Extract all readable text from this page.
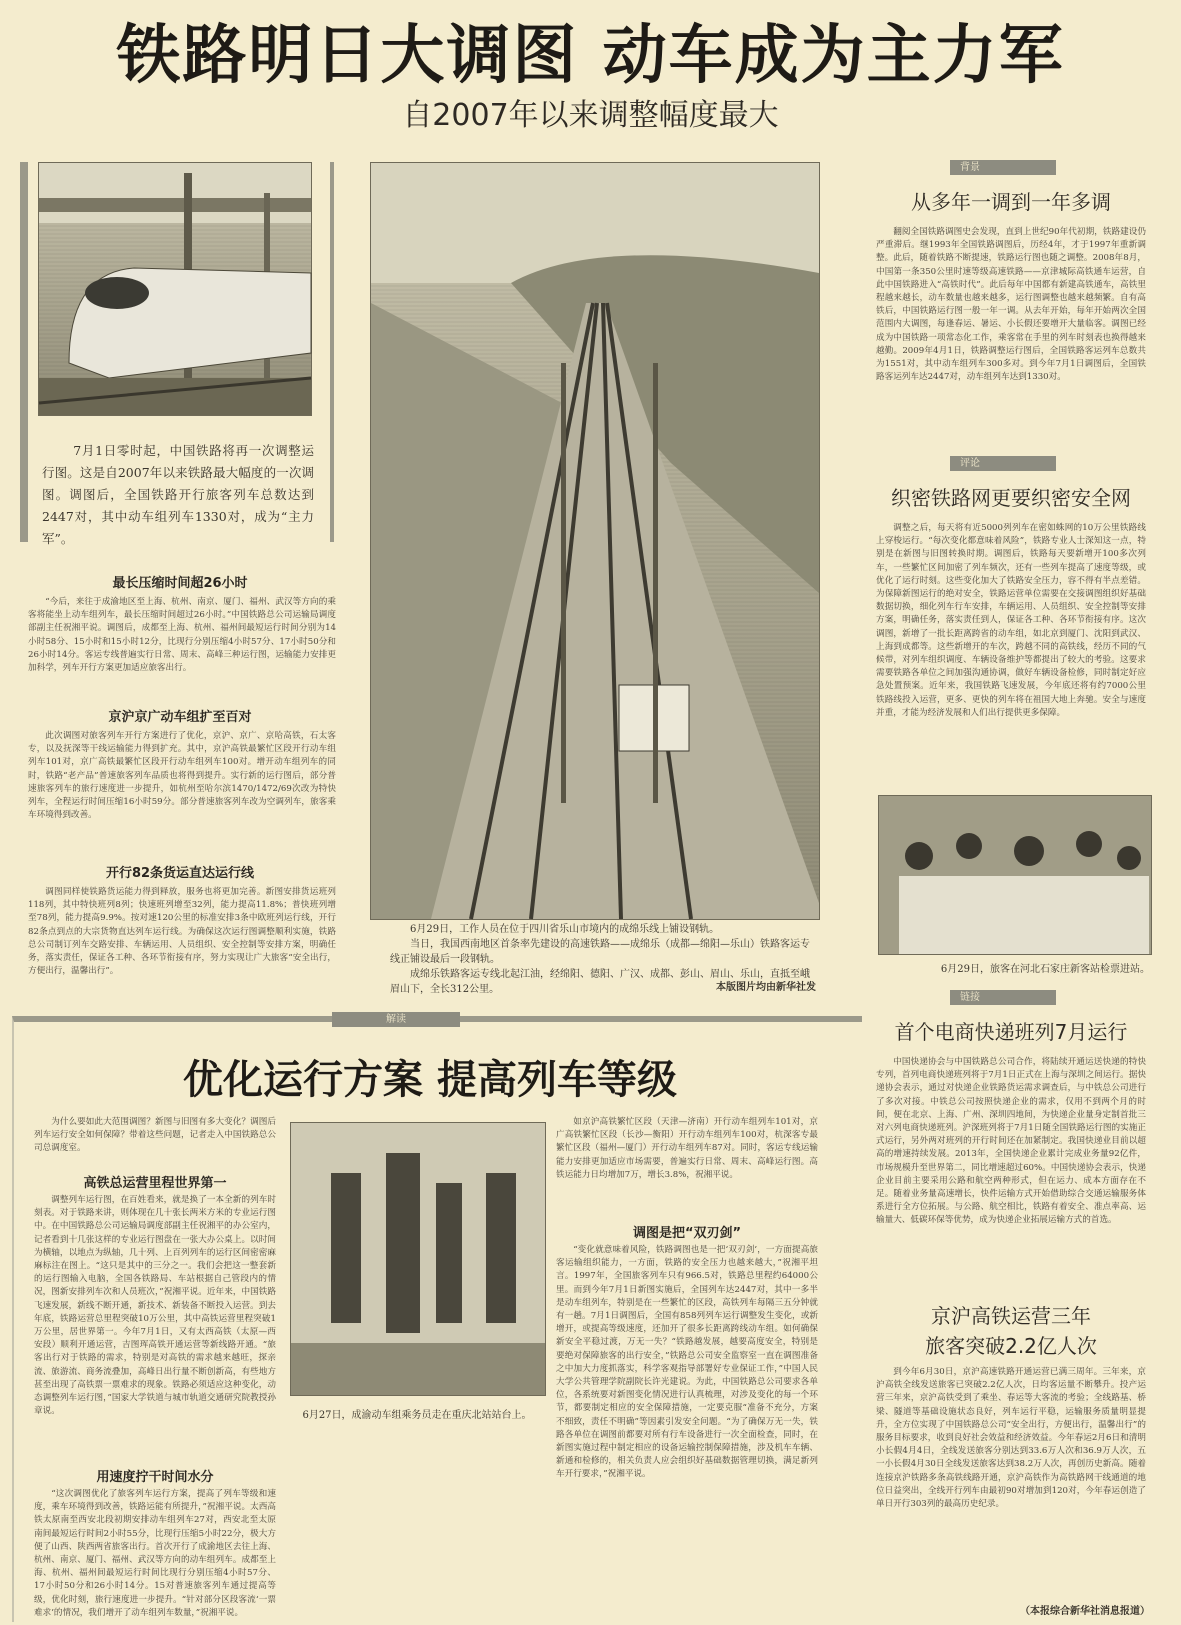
铁路明日大调图 动车成为主力军
自2007年以来调整幅度最大
7月1日零时起，中国铁路将再一次调整运行图。这是自2007年以来铁路最大幅度的一次调图。调图后，全国铁路开行旅客列车总数达到2447对，其中动车组列车1330对，成为“主力军”。
最长压缩时间超26小时
“今后，来往于成渝地区至上海、杭州、南京、厦门、福州、武汉等方向的乘客将能坐上动车组列车，最长压缩时间超过26小时。”中国铁路总公司运输局调度部副主任祝湘平说。调图后，成都至上海、杭州、福州间最短运行时间分别为14小时58分、15小时和15小时12分，比现行分别压缩4小时57分、17小时50分和26小时14分。客运专线普遍实行日常、周末、高峰三种运行图，运输能力安排更加科学，列车开行方案更加适应旅客出行。
京沪京广动车组扩至百对
此次调图对旅客列车开行方案进行了优化，京沪、京广、京哈高铁，石太客专，以及抚深等干线运输能力得到扩充。其中，京沪高铁最繁忙区段开行动车组列车101对，京广高铁最繁忙区段开行动车组列车100对。增开动车组列车的同时，铁路“老产品”普速旅客列车品质也将得到提升。实行新的运行图后，部分普速旅客列车的旅行速度进一步提升，如杭州至哈尔滨1470/1472/69次改为特快列车，全程运行时间压缩16小时59分。部分普速旅客列车改为空调列车，旅客乘车环境得到改善。
开行82条货运直达运行线
调图同样使铁路货运能力得到释放，服务也将更加完善。新图安排货运班列118列，其中特快班列8列；快速班列增至32列，能力提高11.8%；普快班列增至78列，能力提高9.9%。按对速120公里的标准安排3条中欧班列运行线，开行82条点到点的大宗货物直达列车运行线。为确保这次运行图调整顺利实施，铁路总公司制订列车交路安排、车辆运用、人员组织、安全控制等安排方案，明确任务，落实责任，保证各工种、各环节衔接有序，努力实现让广大旅客“安全出行，方便出行，温馨出行”。
6月29日，工作人员在位于四川省乐山市境内的成绵乐线上铺设钢轨。
当日，我国西南地区首条率先建设的高速铁路——成绵乐（成都—绵阳—乐山）铁路客运专线正铺设最后一段钢轨。
成绵乐铁路客运专线北起江油，经绵阳、德阳、广汉、成都、彭山、眉山、乐山，直抵至峨眉山下，全长312公里。	本版图片均由新华社发
背景
从多年一调到一年多调
翻阅全国铁路调图史会发现，直到上世纪90年代初期，铁路建设仍严重滞后。继1993年全国铁路调图后，历经4年，才于1997年重新调整。此后，随着铁路不断提速，铁路运行图也随之调整。2008年8月，中国第一条350公里时速等级高速铁路——京津城际高铁通车运营，自此中国铁路进入“高铁时代”。此后每年中国都有新建高铁通车，高铁里程越来越长，动车数量也越来越多，运行图调整也越来越频繁。自有高铁后，中国铁路运行图一般一年一调。从去年开始，每年开始两次全国范围内大调图，每逢春运、暑运、小长假还要增开大量临客。调图已经成为中国铁路一项常态化工作，乘客常在手里的列车时刻表也换得越来越勤。2009年4月1日，铁路调整运行图后，全国铁路客运列车总数共为1551对，其中动车组列车300多对。到今年7月1日调图后，全国铁路客运列车达2447对，动车组列车达到1330对。
评论
织密铁路网更要织密安全网
调整之后，每天将有近5000列列车在密如蛛网的10万公里铁路线上穿梭运行。“每次变化都意味着风险”，铁路专业人士深知这一点，特别是在新图与旧图转换时期。调图后，铁路每天要新增开100多次列车，一些繁忙区间加密了列车频次，还有一些列车提高了速度等级，或优化了运行时刻。这些变化加大了铁路安全压力，容不得有半点差错。为保障新图运行的绝对安全，铁路运营单位需要在交接调图组织好基础数据切换，细化列车行车安排，车辆运用、人员组织、安全控制等安排方案，明确任务，落实责任到人，保证各工种、各环节衔接有序。这次调图，新增了一批长距离跨省的动车组，如北京到厦门、沈阳到武汉、上海到成都等。这些新增开的车次，跨越不同的高铁线，经历不同的气候带，对列车组织调度、车辆设备维护等都提出了较大的考验。这要求需要铁路各单位之间加强沟通协调，做好车辆设备检修，同时制定好应急处置预案。近年来，我国铁路飞速发展，今年底还将有约7000公里铁路线投入运营，更多、更快的列车将在祖国大地上奔驰。安全与速度并重，才能为经济发展和人们出行提供更多保障。
6月29日，旅客在河北石家庄新客站检票进站。
链接
首个电商快递班列7月运行
中国快递协会与中国铁路总公司合作，将陆续开通运送快递的特快专列，首列电商快递班列将于7月1日正式在上海与深圳之间运行。据快递协会表示，通过对快递企业铁路货运需求调查后，与中铁总公司进行了多次对接。中铁总公司按照快递企业的需求，仅用不到两个月的时间，便在北京、上海、广州、深圳四地间，为快递企业量身定制首批三对六列电商快递班列。沪深班列将于7月1日随全国铁路运行图的实施正式运行，另外两对班列的开行时间还在加紧制定。我国快递业目前以超高的增速持续发展。2013年，全国快递企业累计完成业务量92亿件，市场规模升至世界第二，同比增速超过60%。中国快递协会表示，快递企业目前主要采用公路和航空两种形式，但在运力、成本方面存在不足。随着业务量高速增长，快件运输方式开始借助综合交通运输服务体系进行全方位拓展。与公路、航空相比，铁路有着安全、准点率高、运输量大、低碳环保等优势，成为快递企业拓展运输方式的首选。
京沪高铁运营三年
旅客突破2.2亿人次
到今年6月30日，京沪高速铁路开通运营已满三周年。三年来，京沪高铁全线发送旅客已突破2.2亿人次，日均客运量不断攀升。投产运营三年来，京沪高铁受到了乘坐、春运等大客流的考验；全线路基、桥梁、隧道等基础设施状态良好，列车运行平稳，运输服务质量明显提升，全方位实现了中国铁路总公司“安全出行，方便出行，温馨出行”的服务目标要求，收到良好社会效益和经济效益。今年春运2月6日和清明小长假4月4日，全线发送旅客分别达到33.6万人次和36.9万人次，五一小长假4月30日全线发送旅客达到38.2万人次，再创历史新高。随着连接京沪铁路多条高铁线路开通，京沪高铁作为高铁路网干线通道的地位日益突出，全线开行列车由最初90对增加到120对，今年春运创造了单日开行303列的最高历史纪录。
（本报综合新华社消息报道）
解读
优化运行方案 提高列车等级
为什么要如此大范围调图？新图与旧图有多大变化？调图后列车运行安全如何保障？带着这些问题，记者走入中国铁路总公司总调度室。
高铁总运营里程世界第一
调整列车运行图，在百姓看来，就是换了一本全新的列车时刻表。对于铁路来讲，则体现在几十张长两米方米的专业运行图中。在中国铁路总公司运输局调度部副主任祝湘平的办公室内，记者看到十几张这样的专业运行图盘在一张大办公桌上。以时间为横轴，以地点为纵轴，几十列、上百列列车的运行区间密密麻麻标注在图上。“这只是其中的三分之一。我们会把这一整套新的运行图输入电脑，全国各铁路局、车站根据自己管段内的情况，图新安排列车次和人员班次，”祝湘平说。近年来，中国铁路飞速发展，新线不断开通，新技术、新装备不断投入运营。到去年底，铁路运营总里程突破10万公里，其中高铁运营里程突破1万公里，居世界第一。今年7月1日，又有太西高铁（太原—西安段）顺利开通运营，吉图珲高铁开通运营等新线路开通。“旅客出行对于铁路的需求，特别是对高铁的需求越来越旺，探亲流、旅游流、商务流叠加，高峰日出行量不断创新高，有些地方甚至出现了高铁票一票难求的现象。铁路必须适应这种变化，动态调整列车运行图，”国家大学铁道与城市轨道交通研究院教授孙章说。
用速度拧干时间水分
“这次调图优化了旅客列车运行方案，提高了列车等级和速度，乘车环境得到改善，铁路运能有所提升，”祝湘平说。太西高铁太原南至西安北段初期安排动车组列车27对，西安北至太原南间最短运行时间2小时55分，比现行压缩5小时22分，极大方便了山西、陕西两省旅客出行。首次开行了成渝地区去往上海、杭州、南京、厦门、福州、武汉等方向的动车组列车。成都至上海、杭州、福州间最短运行时间比现行分别压缩4小时57分、17小时50分和26小时14分。15对普速旅客列车通过提高等级，优化时刻，旅行速度进一步提升。“针对部分区段客流‘一票难求’的情况，我们增开了动车组列车数量，”祝湘平说。
6月27日，成渝动车组乘务员走在重庆北站站台上。
如京沪高铁繁忙区段（天津—济南）开行动车组列车101对，京广高铁繁忙区段（长沙—衡阳）开行动车组列车100对，杭深客专最繁忙区段（福州—厦门）开行动车组列车87对。同时，客运专线运输能力安排更加适应市场需要，普遍实行日常、周末、高峰运行图。高铁运能力日均增加7万，增长3.8%，祝湘平说。
调图是把“双刃剑”
“变化就意味着风险，铁路调图也是一把‘双刃剑’，一方面提高旅客运输组织能力，一方面，铁路的安全压力也越来越大，”祝湘平坦言。1997年，全国旅客列车只有966.5对，铁路总里程约64000公里。而到今年7月1日新图实施后，全国列车达2447对，其中一多半是动车组列车，特别是在一些繁忙的区段，高铁列车每隔三五分钟就有一趟。7月1日调图后，全国有858列列车运行调整发生变化，或新增开，或提高等级速度，还加开了很多长距离跨线动车组。如何确保新安全平稳过渡，万无一失？“铁路越发展，越要高度安全，特别是要绝对保障旅客的出行安全，”铁路总公司安全监察室一直在调图准备之中加大力度抓落实，科学客观指导部署好专业保证工作，”中国人民大学公共管理学院副院长许光建说。为此，中国铁路总公司要求各单位，各系统要对新图变化情况进行认真梳理，对涉及变化的每一个环节，都要制定相应的安全保障措施，一定要克服“准备不充分，方案不细致，责任不明确”等因素引发安全问题。“为了确保万无一失，铁路各单位在调图前都要对所有行车设备进行一次全面检查，同时，在新图实施过程中制定相应的设备运输控制保障措施，涉及机车车辆、新通和检修的，相关负责人应会组织好基础数据管理切换，满足新列车开行要求，”祝湘平说。
